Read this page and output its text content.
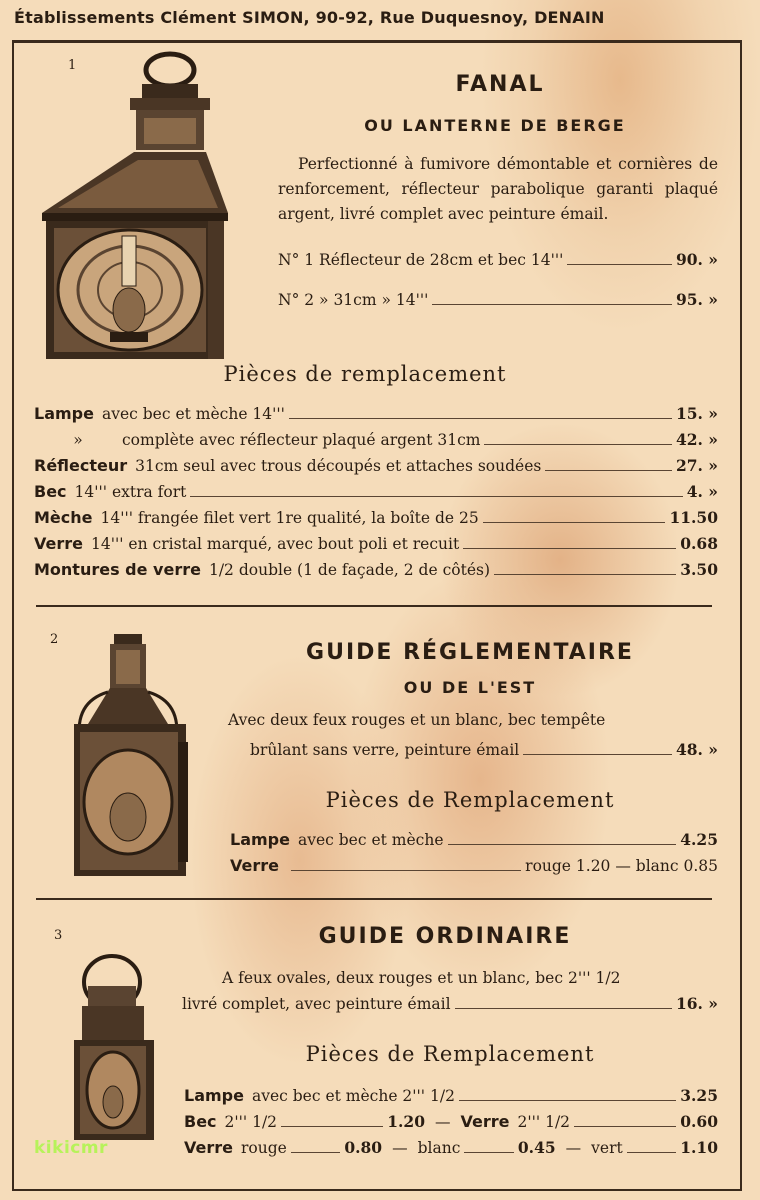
Établissements Clément SIMON, 90-92, Rue Duquesnoy, DENAIN
1
FANAL
OU LANTERNE DE BERGE
Perfectionné à fumivore démontable et cornières de renforcement, réflecteur parabolique garanti plaqué argent, livré complet avec peinture émail.
N° 1 Réflecteur de 28cm et bec 14'''	90. »
N° 2 » 31cm » 14'''	95. »
Pièces de remplacement
Lampe avec bec et mèche 14'''	15. »
»	complète avec réflecteur plaqué argent 31cm	42. »
Réflecteur 31cm seul avec trous découpés et attaches soudées	27. »
Bec 14''' extra fort	4. »
Mèche 14''' frangée filet vert 1re qualité, la boîte de 25	11.50
Verre 14''' en cristal marqué, avec bout poli et recuit	0.68
Montures de verre 1/2 double (1 de façade, 2 de côtés)	3.50
2
GUIDE RÉGLEMENTAIRE
OU DE L'EST
Avec deux feux rouges et un blanc, bec tempête
brûlant sans verre, peinture émail	48. »
Pièces de Remplacement
Lampe avec bec et mèche	4.25
Verre	rouge 1.20 — blanc 0.85
3	GUIDE ORDINAIRE
A feux ovales, deux rouges et un blanc, bec 2''' 1/2
livré complet, avec peinture émail	16. »
Pièces de Remplacement
Lampe avec bec et mèche 2''' 1/2	3.25
Bec 2''' 1/2	1.20 — Verre 2''' 1/2	0.60
Verre rouge	0.80 — blanc	0.45 — vert	1.10
kikicmr
